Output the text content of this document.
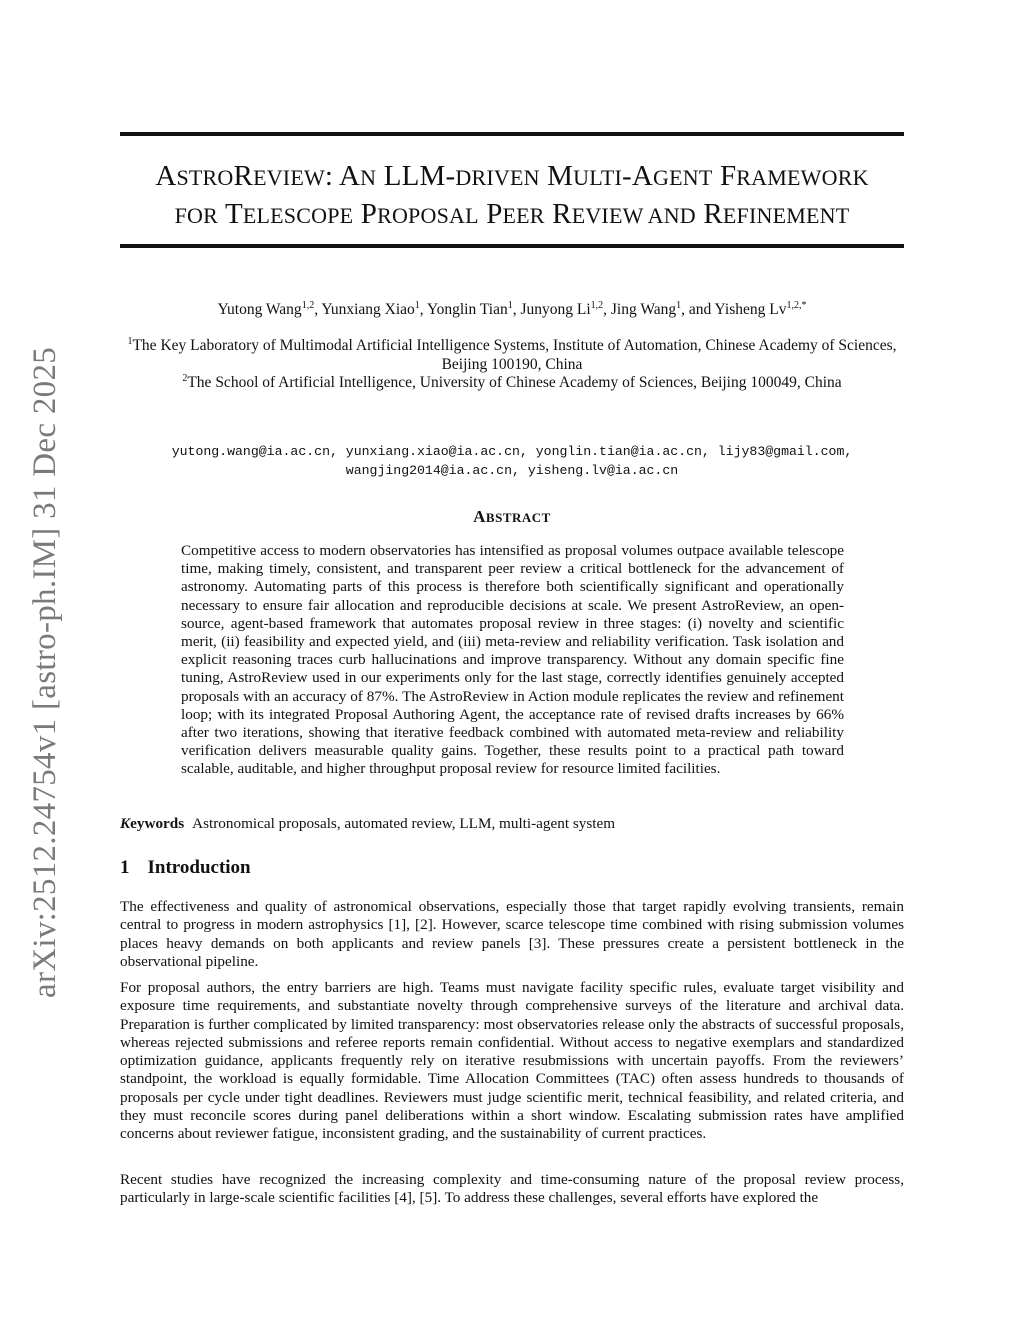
arXiv:2512.24754v1 [astro-ph.IM] 31 Dec 2025
ASTROREVIEW: AN LLM-DRIVEN MULTI-AGENT FRAMEWORK
FOR TELESCOPE PROPOSAL PEER REVIEW AND REFINEMENT
Yutong Wang$^{1,2}$, Yunxiang Xiao$^1$, Yonglin Tian$^1$, Junyong Li$^{1,2}$, Jing Wang$^1$, and Yisheng $Lv^{1,2,*}$
$^1$The Key Laboratory of Multimodal Artificial Intelligence Systems, Institute of Automation, Chinese Academy of Sciences, Beijing 100190, China
$^2$The School of Artificial Intelligence, University of Chinese Academy of Sciences, Beijing 100049, China
yutong.wang@ia.ac.cn, yunxiang.xiao@ia.ac.cn, yonglin.tian@ia.ac.cn, lijy83@gmail.com,
wangjing2014@ia.ac.cn, yisheng.lv@ia.ac.cn
ABSTRACT
Competitive access to modern observatories has intensified as proposal volumes outpace available telescope time, making timely, consistent, and transparent peer review a critical bottleneck for the advancement of astronomy. Automating parts of this process is therefore both scientifically significant and operationally necessary to ensure fair allocation and reproducible decisions at scale. We present AstroReview, an open-source, agent-based framework that automates proposal review in three stages: (i) novelty and scientific merit, (ii) feasibility and expected yield, and (iii) meta-review and reliability verification. Task isolation and explicit reasoning traces curb hallucinations and improve transparency. Without any domain specific fine tuning, AstroReview used in our experiments only for the last stage, correctly identifies genuinely accepted proposals with an accuracy of 87%. The AstroReview in Action module replicates the review and refinement loop; with its integrated Proposal Authoring Agent, the acceptance rate of revised drafts increases by 66% after two iterations, showing that iterative feedback combined with automated meta-review and reliability verification delivers measurable quality gains. Together, these results point to a practical path toward scalable, auditable, and higher throughput proposal review for resource limited facilities.
Keywords Astronomical proposals, automated review, LLM, multi-agent system
1 Introduction
The effectiveness and quality of astronomical observations, especially those that target rapidly evolving transients, remain central to progress in modern astrophysics [1], [2]. However, scarce telescope time combined with rising submission volumes places heavy demands on both applicants and review panels [3]. These pressures create a persistent bottleneck in the observational pipeline.
For proposal authors, the entry barriers are high. Teams must navigate facility specific rules, evaluate target visibility and exposure time requirements, and substantiate novelty through comprehensive surveys of the literature and archival data. Preparation is further complicated by limited transparency: most observatories release only the abstracts of successful proposals, whereas rejected submissions and referee reports remain confidential. Without access to negative exemplars and standardized optimization guidance, applicants frequently rely on iterative resubmissions with uncertain payoffs. From the reviewers’ standpoint, the workload is equally formidable. Time Allocation Committees (TAC) often assess hundreds to thousands of proposals per cycle under tight deadlines. Reviewers must judge scientific merit, technical feasibility, and related criteria, and they must reconcile scores during panel deliberations within a short window. Escalating submission rates have amplified concerns about reviewer fatigue, inconsistent grading, and the sustainability of current practices.
Recent studies have recognized the increasing complexity and time-consuming nature of the proposal review process, particularly in large-scale scientific facilities [4], [5]. To address these challenges, several efforts have explored the
